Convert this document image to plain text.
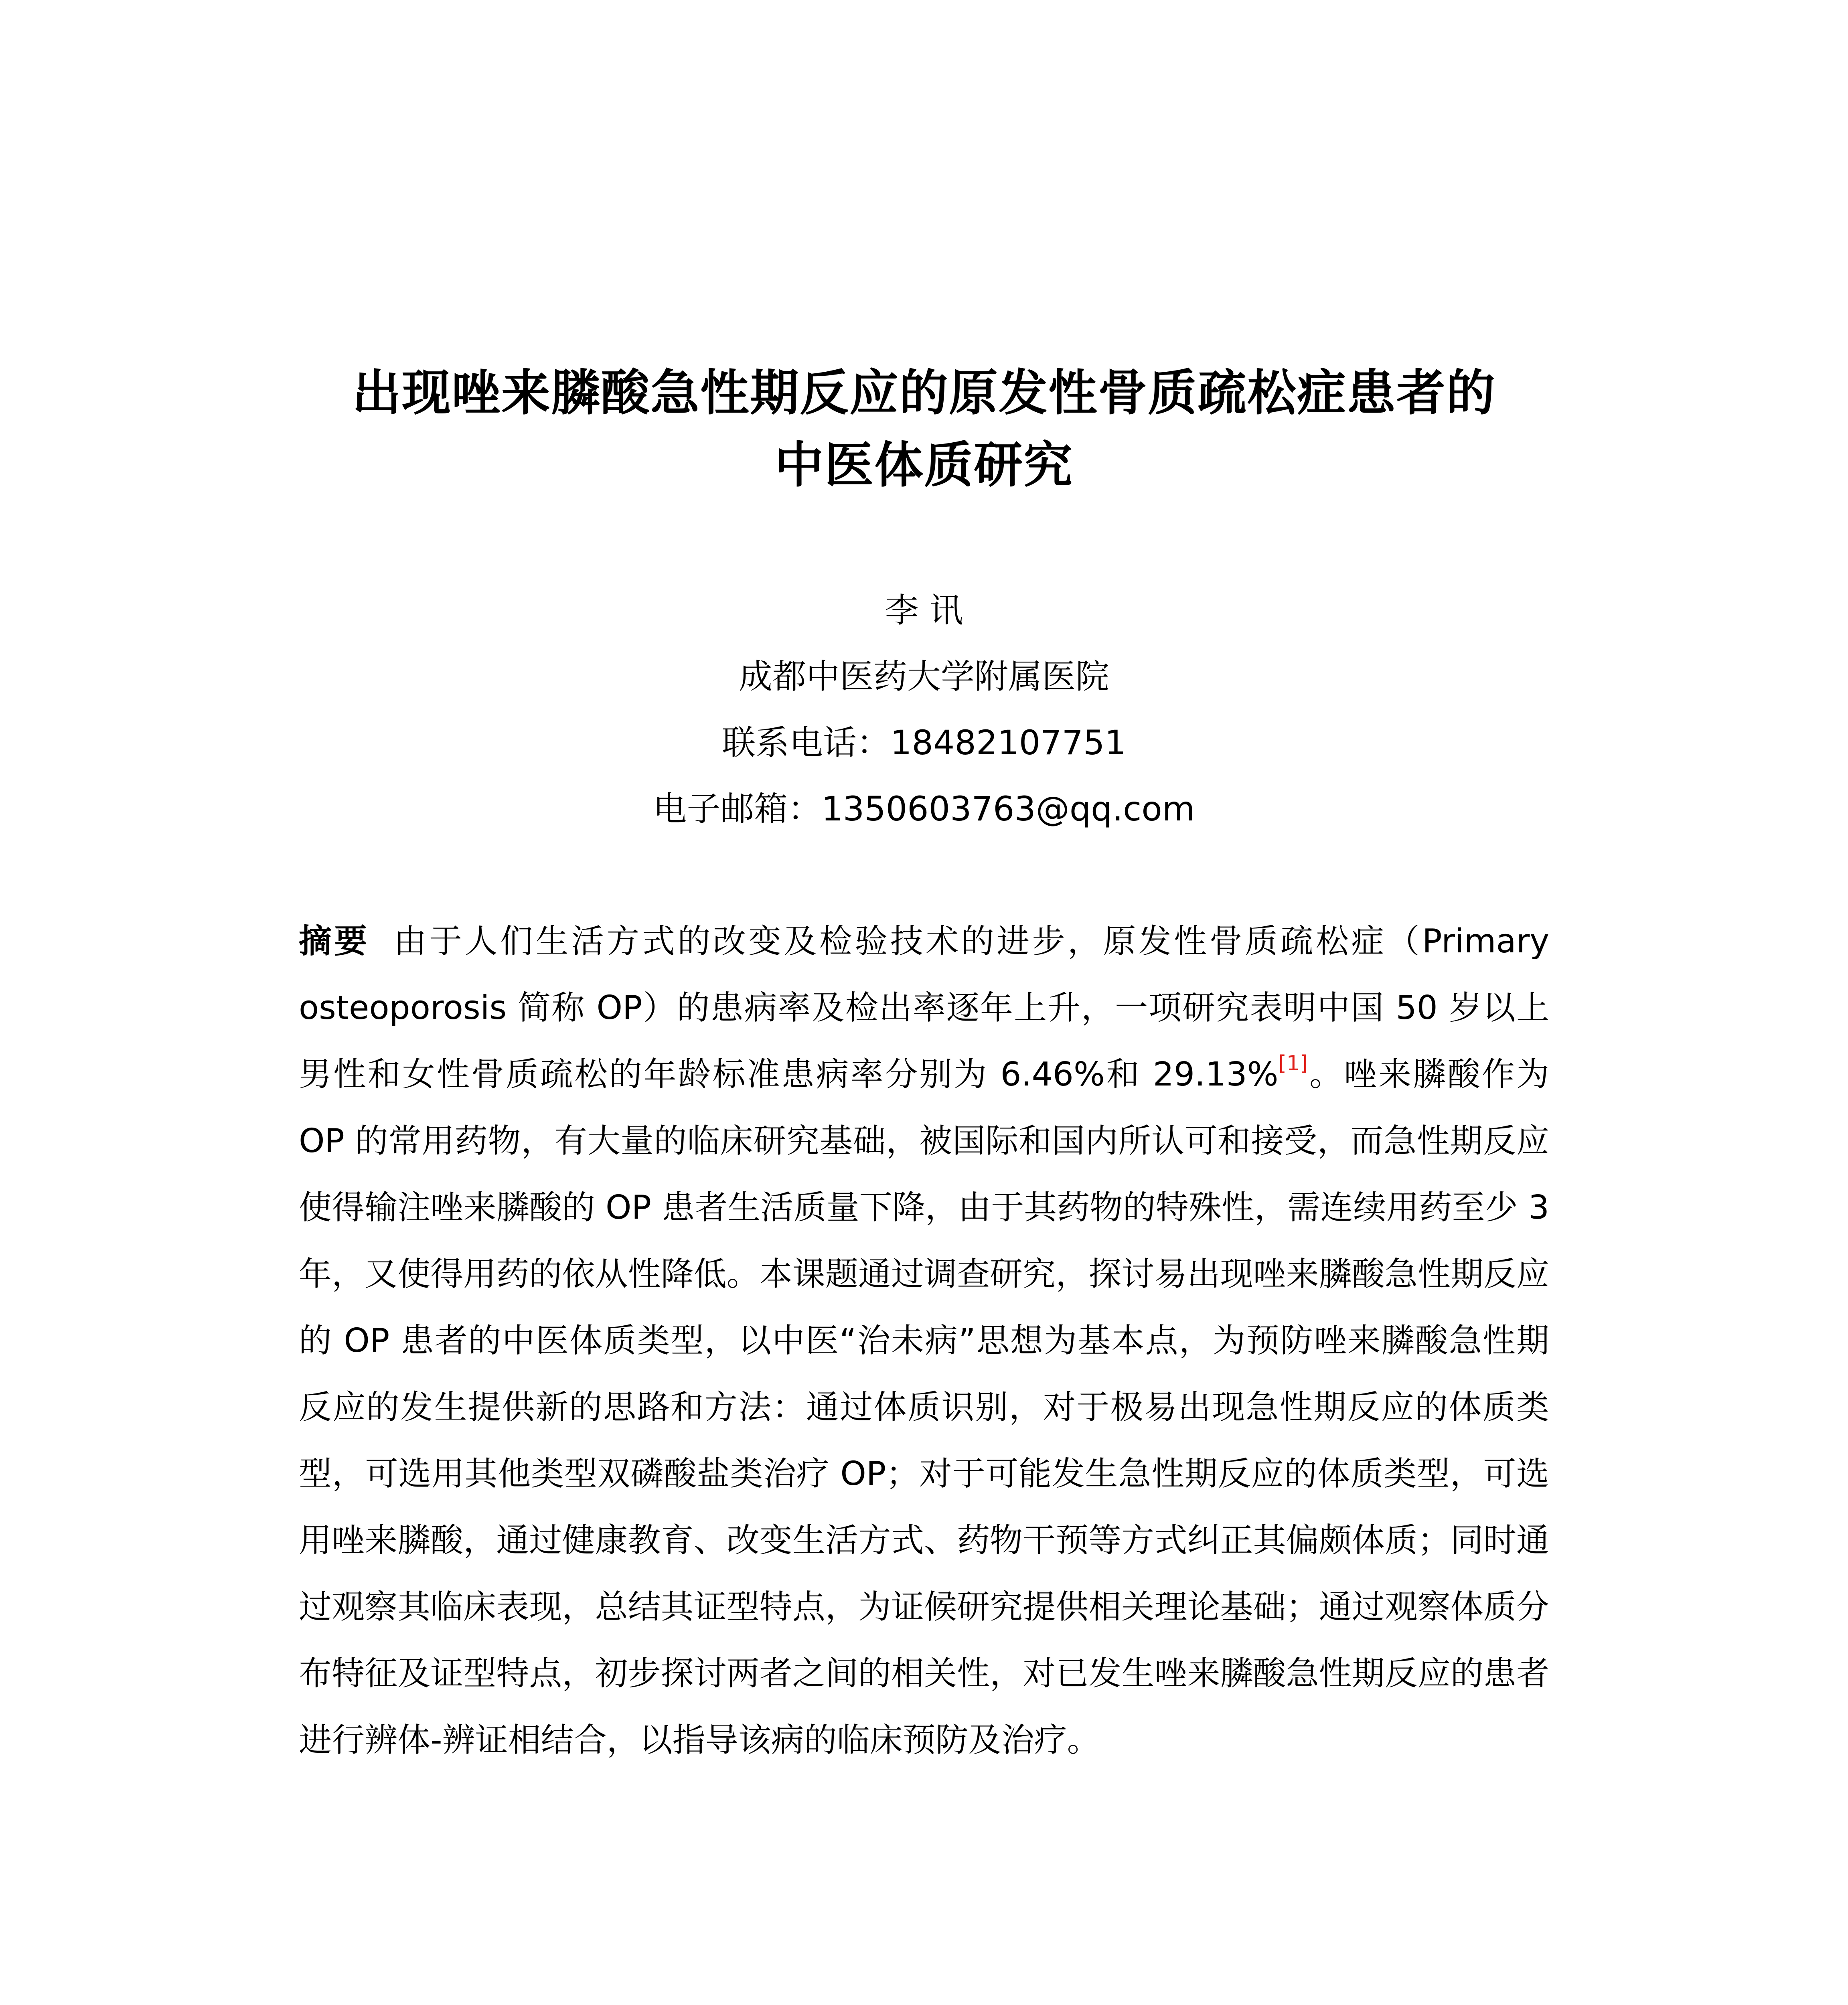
出现唑来膦酸急性期反应的原发性骨质疏松症患者的
中医体质研究
李 讯
成都中医药大学附属医院
联系电话：18482107751
电子邮箱：1350603763@qq.com

摘要 由于人们生活方式的改变及检验技术的进步，原发性骨质疏松症（Primary osteoporosis 简称 OP）的患病率及检出率逐年上升，一项研究表明中国 50 岁以上男性和女性骨质疏松的年龄标准患病率分别为 6.46%和 29.13%[1]。唑来膦酸作为 OP 的常用药物，有大量的临床研究基础，被国际和国内所认可和接受，而急性期反应使得输注唑来膦酸的 OP 患者生活质量下降，由于其药物的特殊性，需连续用药至少 3 年，又使得用药的依从性降低。本课题通过调查研究，探讨易出现唑来膦酸急性期反应的 OP 患者的中医体质类型，以中医“治未病”思想为基本点，为预防唑来膦酸急性期反应的发生提供新的思路和方法：通过体质识别，对于极易出现急性期反应的体质类型，可选用其他类型双磷酸盐类治疗 OP；对于可能发生急性期反应的体质类型，可选用唑来膦酸，通过健康教育、改变生活方式、药物干预等方式纠正其偏颇体质；同时通过观察其临床表现，总结其证型特点，为证候研究提供相关理论基础；通过观察体质分布特征及证型特点，初步探讨两者之间的相关性，对已发生唑来膦酸急性期反应的患者进行辨体-辨证相结合，以指导该病的临床预防及治疗。
